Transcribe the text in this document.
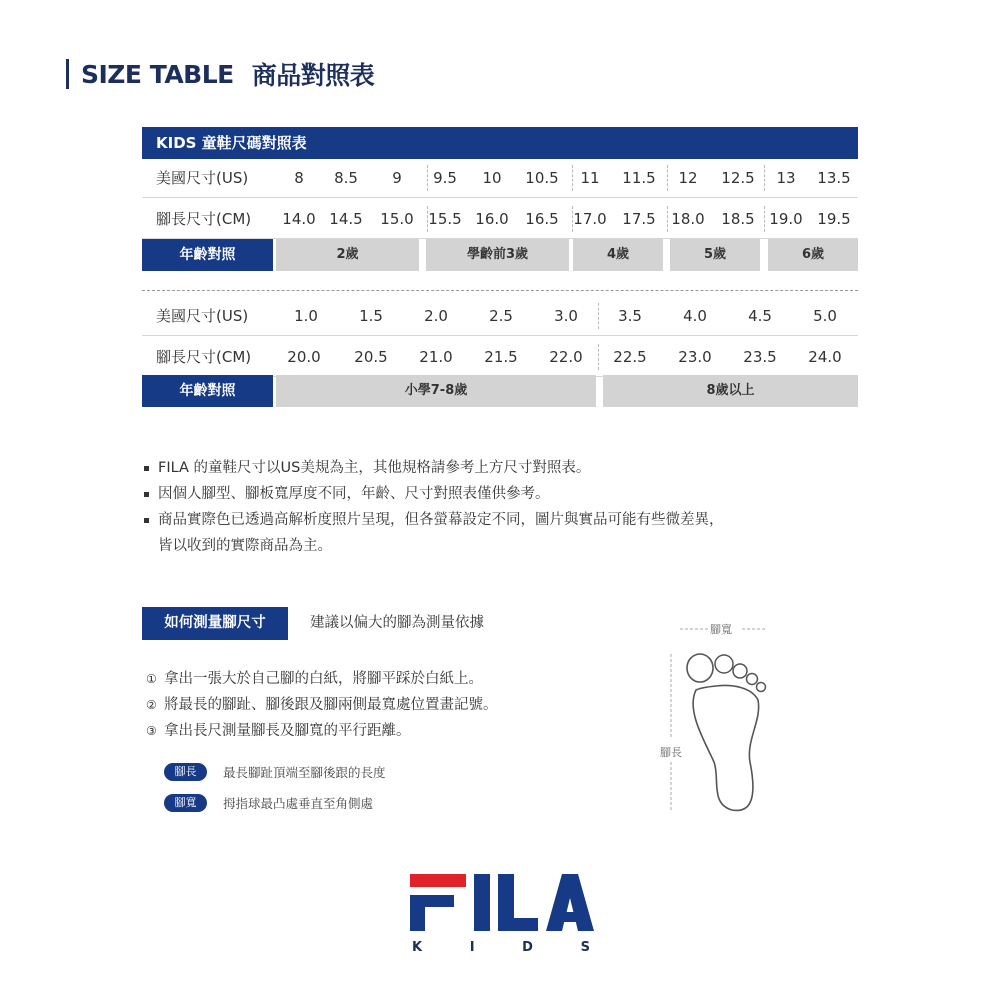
SIZE TABLE 商品對照表
KIDS 童鞋尺碼對照表
美國尺寸(US)	8 8.5 9 9.5 10 10.5 11 11.5 12 12.5 13 13.5
腳長尺寸(CM) 14.0 14.5 15.0 15.5 16.0 16.5 17.0 17.5 18.0 18.5 19.0 19.5
年齡對照	2歲	學齡前3歲	4歲	5歲	6歲
美國尺寸(US)	1.0	1.5	2.0	2.5	3.0	3.5	4.0	4.5	5.0
腳長尺寸(CM) 20.0 20.5 21.0 21.5 22.0 22.5 23.0 23.5 24.0
年齡對照	小學7-8歲	8歲以上
FILA 的童鞋尺寸以US美規為主，其他規格請參考上方尺寸對照表。
因個人腳型、腳板寬厚度不同，年齡、尺寸對照表僅供參考。
商品實際色已透過高解析度照片呈現，但各螢幕設定不同，圖片與實品可能有些微差異，
皆以收到的實際商品為主。
如何測量腳尺寸	建議以偏大的腳為測量依據
① 拿出一張大於自己腳的白紙，將腳平踩於白紙上。
② 將最長的腳趾、腳後跟及腳兩側最寬處位置畫記號。
③ 拿出長尺測量腳長及腳寬的平行距離。
腳長	最長腳趾頂端至腳後跟的長度
腳寬	拇指球最凸處垂直至角側處
腳寬
腳長
K	I	D	S
